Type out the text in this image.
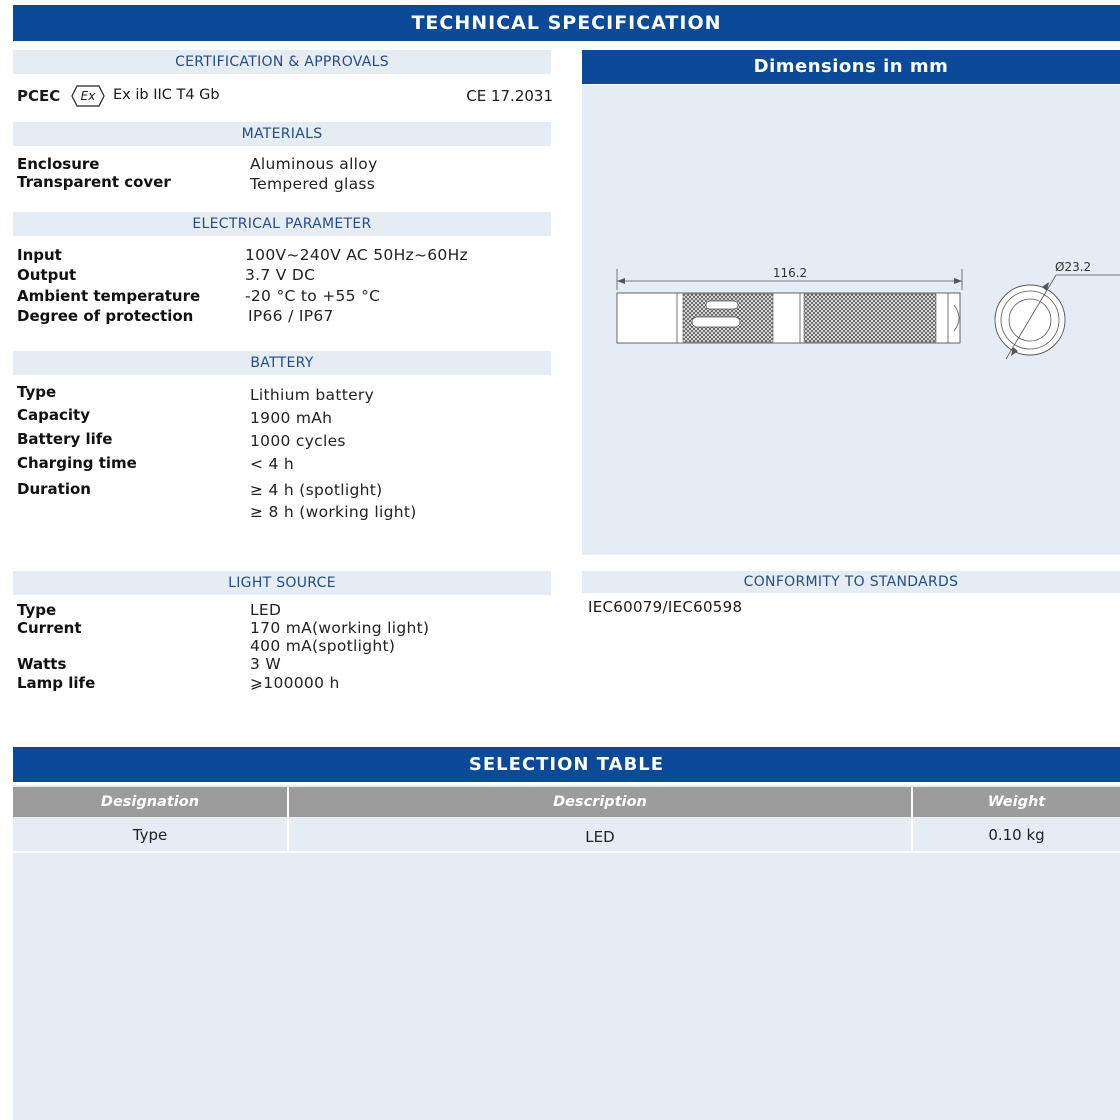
TECHNICAL SPECIFICATION
CERTIFICATION & APPROVALS
PCEC Ex Ex ib IIC T4 Gb	CE 17.2031
MATERIALS
Enclosure	Aluminous alloy
Transparent cover	Tempered glass
ELECTRICAL PARAMETER
Input	100V~240V AC 50Hz~60Hz
Output	3.7 V DC
Ambient temperature	-20 °C to +55 °C
Degree of protection	IP66 / IP67
BATTERY
Type	Lithium battery
Capacity	1900 mAh
Battery life	1000 cycles
Charging time	< 4 h
Duration	≥ 4 h (spotlight)
≥ 8 h (working light)
LIGHT SOURCE
Type	LED
Current	170 mA(working light)
400 mA(spotlight)
Watts	3 W
Lamp life	⩾100000 h
Dimensions in mm
116.2	Ø23.2
CONFORMITY TO STANDARDS
IEC60079/IEC60598
SELECTION TABLE
Designation	Description	Weight
Type	LED	0.10 kg
